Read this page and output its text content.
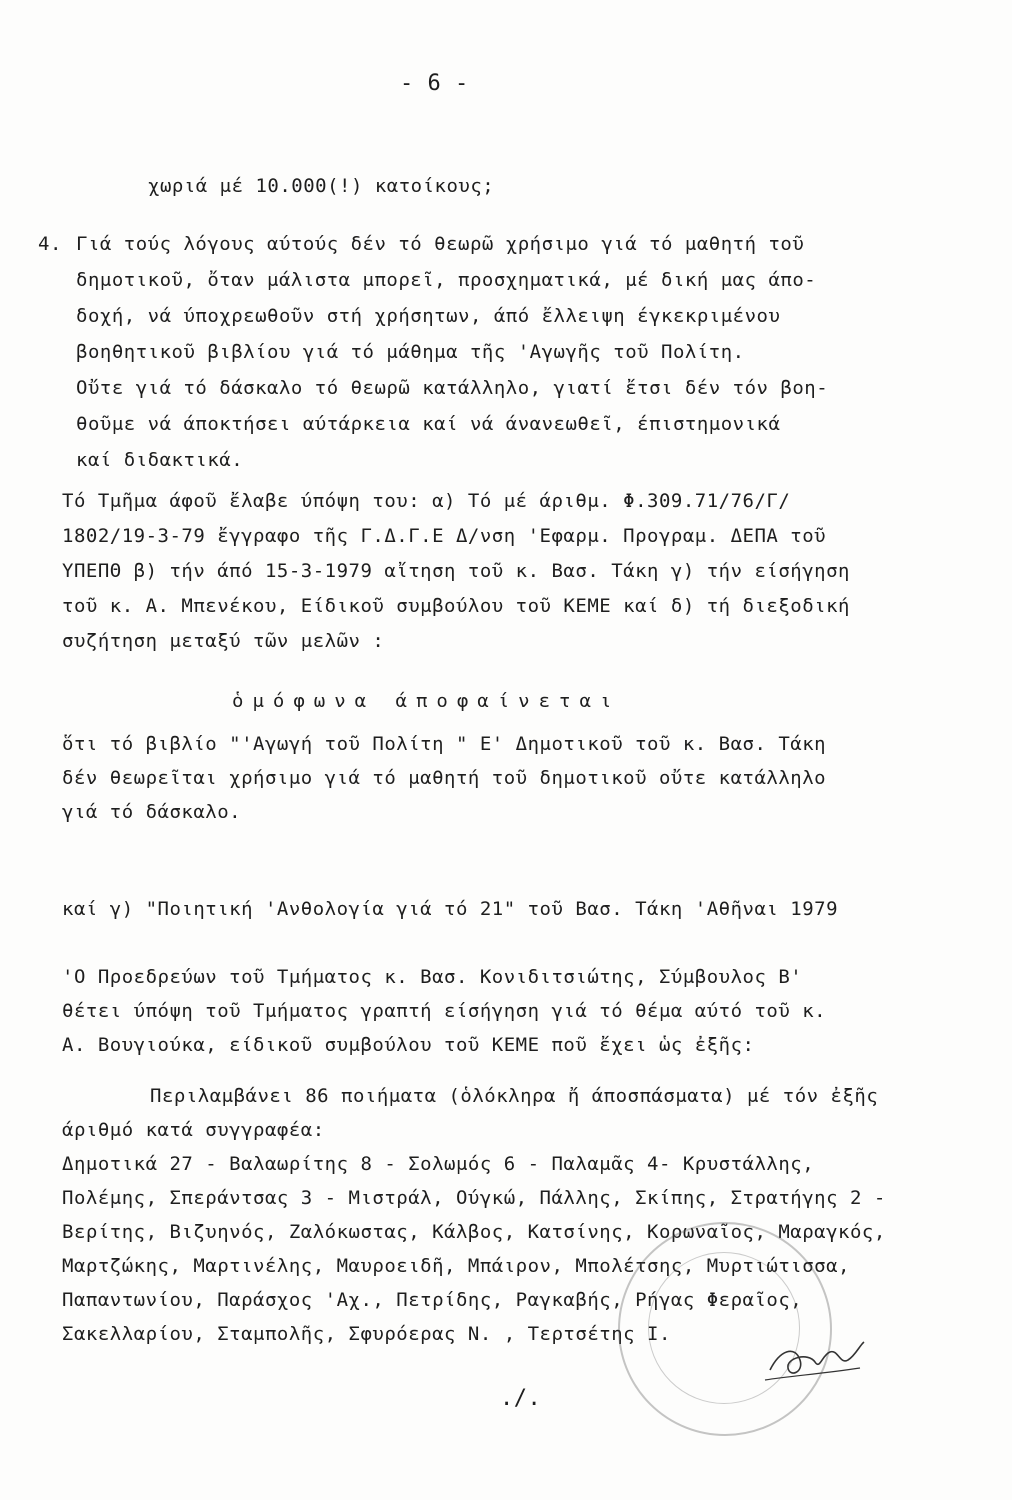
- 6 -
χωριά μέ 10.000(!) κατοίκους;
4. Γιά τούς λόγους αύτούς δέν τό θεωρῶ χρήσιμο γιά τό μαθητή τοῦ
δημοτικοῦ, ὄταν μάλιστα μπορεῖ, προσχηματικά, μέ δική μας άπο-
δοχή, νά ύποχρεωθοῦν στή χρήσητων, άπό ἔλλειψη έγκεκριμένου
βοηθητικοῦ βιβλίου γιά τό μάθημα τῆς 'Αγωγῆς τοῦ Πολίτη.
Οὔτε γιά τό δάσκαλο τό θεωρῶ κατάλληλο, γιατί ἔτσι δέν τόν βοη-
θοῦμε νά άποκτήσει αύτάρκεια καί νά άνανεωθεῖ, έπιστημονικά
καί διδακτικά.
Τό Τμῆμα άφοῦ ἔλαβε ύπόψη του: α) Τό μέ άριθμ. Φ.309.71/76/Γ/
1802/19-3-79 ἔγγραφο τῆς Γ.Δ.Γ.Ε Δ/νση 'Εφαρμ. Προγραμ. ΔΕΠΑ τοῦ
ΥΠΕΠΘ β) τήν άπό 15-3-1979 αἴτηση τοῦ κ. Βασ. Τάκη γ) τήν είσήγηση
τοῦ κ. Α. Μπενέκου, Είδικοῦ συμβούλου τοῦ ΚΕΜΕ καί δ) τή διεξοδική
συζήτηση μεταξύ τῶν μελῶν :
ὁμόφωνα άποφαίνεται
ὅτι τό βιβλίο "'Αγωγή τοῦ Πολίτη " Ε' Δημοτικοῦ τοῦ κ. Βασ. Τάκη
δέν θεωρεῖται χρήσιμο γιά τό μαθητή τοῦ δημοτικοῦ οὔτε κατάλληλο
γιά τό δάσκαλο.
καί γ) "Ποιητική 'Ανθολογία γιά τό 21" τοῦ Βασ. Τάκη 'Αθῆναι 1979
'Ο Προεδρεύων τοῦ Τμήματος κ. Βασ. Κονιδιτσιώτης, Σύμβουλος Β'
θέτει ύπόψη τοῦ Τμήματος γραπτή είσήγηση γιά τό θέμα αύτό τοῦ κ.
Α. Βουγιούκα, είδικοῦ συμβούλου τοῦ ΚΕΜΕ ποῦ ἔχει ὡς ἐξῆς:
Περιλαμβάνει 86 ποιήματα (ὁλόκληρα ἤ άποσπάσματα) μέ τόν ἐξῆς
άριθμό κατά συγγραφέα:
Δημοτικά 27 - Βαλαωρίτης 8 - Σολωμός 6 - Παλαμᾶς 4- Κρυστάλλης,
Πολέμης, Σπεράντσας 3 - Μιστράλ, Ούγκώ, Πάλλης, Σκίπης, Στρατήγης 2 -
Βερίτης, Βιζυηνός, Ζαλόκωστας, Κάλβος, Κατσίνης, Κορωναῖος, Μαραγκός,
Μαρτζώκης, Μαρτινέλης, Μαυροειδῆ, Μπάιρον, Μπολέτσης, Μυρτιώτισσα,
Παπαντωνίου, Παράσχος 'Αχ., Πετρίδης, Ραγκαβής, Ρήγας Φεραῖος,
Σακελλαρίου, Σταμπολῆς, Σφυρόερας Ν. , Τερτσέτης Ι.
./.
